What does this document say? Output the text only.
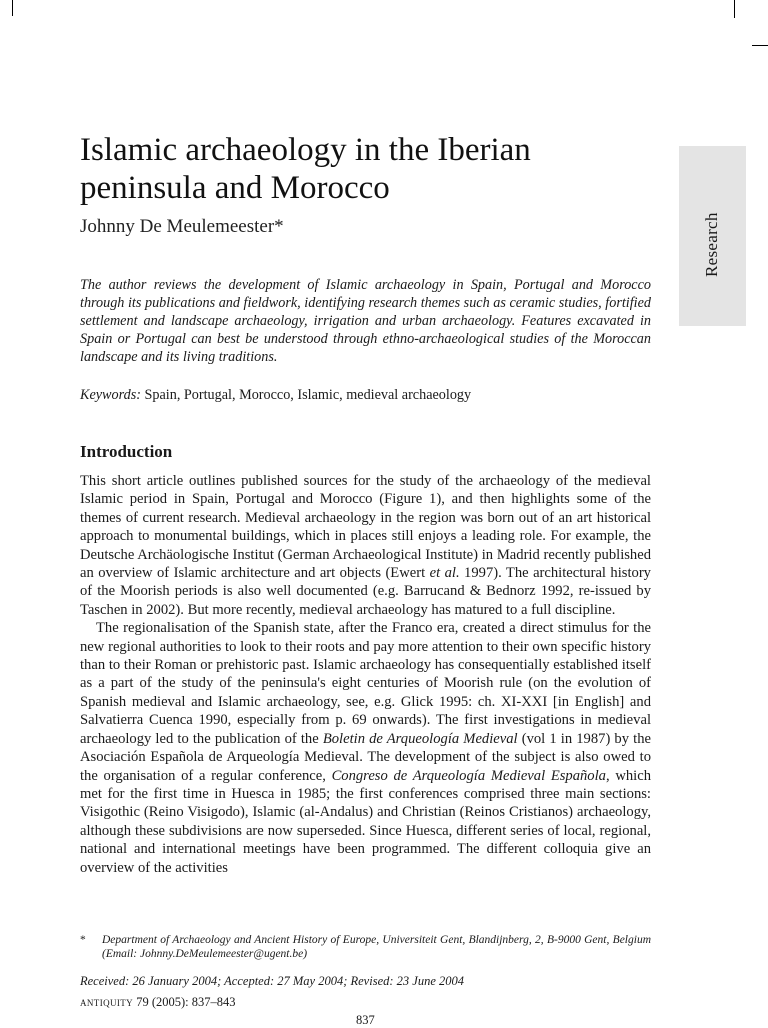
Research
Islamic archaeology in the Iberian peninsula and Morocco
Johnny De Meulemeester*

The author reviews the development of Islamic archaeology in Spain, Portugal and Morocco through its publications and fieldwork, identifying research themes such as ceramic studies, fortified settlement and landscape archaeology, irrigation and urban archaeology. Features excavated in Spain or Portugal can best be understood through ethno-archaeological studies of the Moroccan landscape and its living traditions.

Keywords: Spain, Portugal, Morocco, Islamic, medieval archaeology
Introduction

This short article outlines published sources for the study of the archaeology of the medieval Islamic period in Spain, Portugal and Morocco (Figure 1), and then highlights some of the themes of current research. Medieval archaeology in the region was born out of an art historical approach to monumental buildings, which in places still enjoys a leading role. For example, the Deutsche Archäologische Institut (German Archaeological Institute) in Madrid recently published an overview of Islamic architecture and art objects (Ewert et al. 1997). The architectural history of the Moorish periods is also well documented (e.g. Barrucand & Bednorz 1992, re-issued by Taschen in 2002). But more recently, medieval archaeology has matured to a full discipline.

The regionalisation of the Spanish state, after the Franco era, created a direct stimulus for the new regional authorities to look to their roots and pay more attention to their own specific history than to their Roman or prehistoric past. Islamic archaeology has consequentially established itself as a part of the study of the peninsula's eight centuries of Moorish rule (on the evolution of Spanish medieval and Islamic archaeology, see, e.g. Glick 1995: ch. XI-XXI [in English] and Salvatierra Cuenca 1990, especially from p. 69 onwards). The first investigations in medieval archaeology led to the publication of the Boletin de Arqueología Medieval (vol 1 in 1987) by the Asociación Española de Arqueología Medieval. The development of the subject is also owed to the organisation of a regular conference, Congreso de Arqueología Medieval Española, which met for the first time in Huesca in 1985; the first conferences comprised three main sections: Visigothic (Reino Visigodo), Islamic (al-Andalus) and Christian (Reinos Cristianos) archaeology, although these subdivisions are now superseded. Since Huesca, different series of local, regional, national and international meetings have been programmed. The different colloquia give an overview of the activities

*	Department of Archaeology and Ancient History of Europe, Universiteit Gent, Blandijnberg, 2, B-9000 Gent, Belgium (Email: Johnny.DeMeulemeester@ugent.be)
Received: 26 January 2004; Accepted: 27 May 2004; Revised: 23 June 2004
antiquity 79 (2005): 837–843
837
